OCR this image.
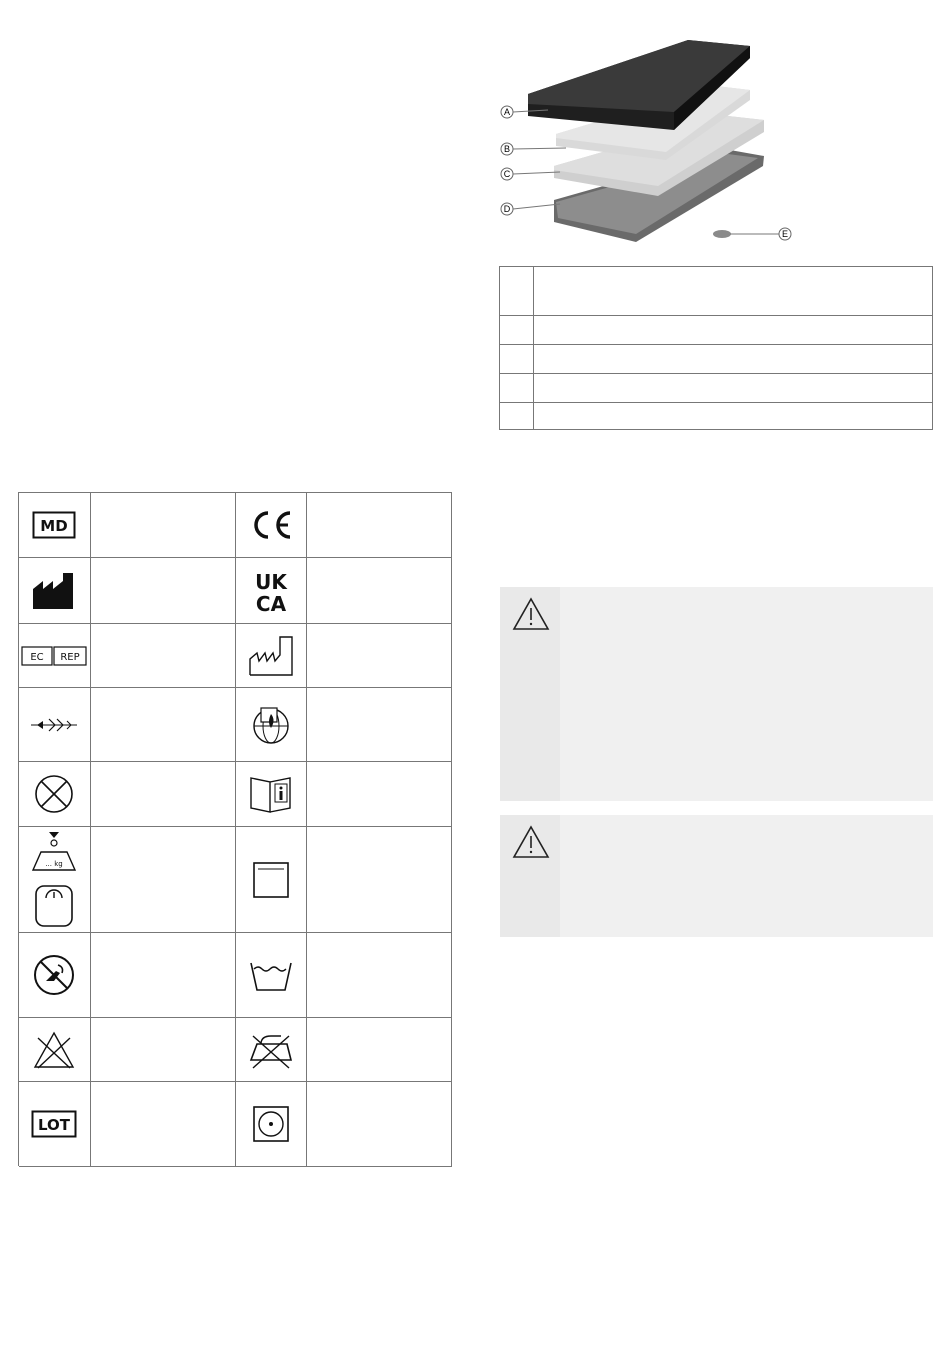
A
B
C
D
E
MD
UK
CA
EC REP
... kg
LOT
